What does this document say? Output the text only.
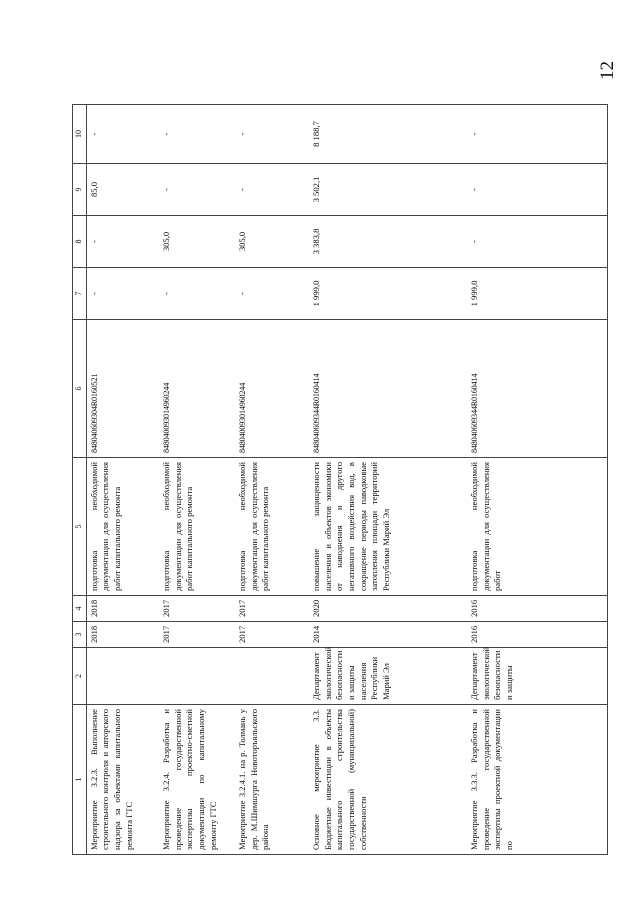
12
1	2	3	4	5	6	7	8	9	10
Мероприятие 3.2.3. Выполнение строительного контроля и авторского надзора за объектами капитального ремонта ГТС		2018	2018	подготовка необходимой документации для осуществления работ капитального ремонта	848040609304R0160521	-	-	85,0	-
Мероприятие 3.2.4. Разработка и проведение государственной экспертизы проектно-сметной документации по капитальному ремонту ГТС		2017	2017	подготовка необходимой документации для осуществления работ капитального ремонта	848040093014960244	-	305,0	-	-
Мероприятие 3.2.4.1. на р. Толмань у дер. М.Шимшурга Новоторъяльского района		2017	2017	подготовка необходимой документации для осуществления работ капитального ремонта	848040093014960244	-	305,0	-	-
Основное мероприятие 3.3. Бюджетные инвестиции в объекты капитального строительства государственной (муниципальной) собственности	Департамент экологической безопасности и защиты населения Республики Марий Эл	2014	2020	повышение защищенности населения и объектов экономики от наводнения и другого негативного воздействия вод, в сокращение периоды паводковые затопления площади территорий Республики Марий Эл	848040609344R0160414	1 999,0	3 383,8	3 502,1	8 188,7
Мероприятие 3.3.3. Разработка и проведение государственной экспертизы проектной документации по	Департамент экологической безопасности и защиты	2016	2016	подготовка необходимой документации для осуществления работ	848040609344R0160414	1 999,0	-	-	-
